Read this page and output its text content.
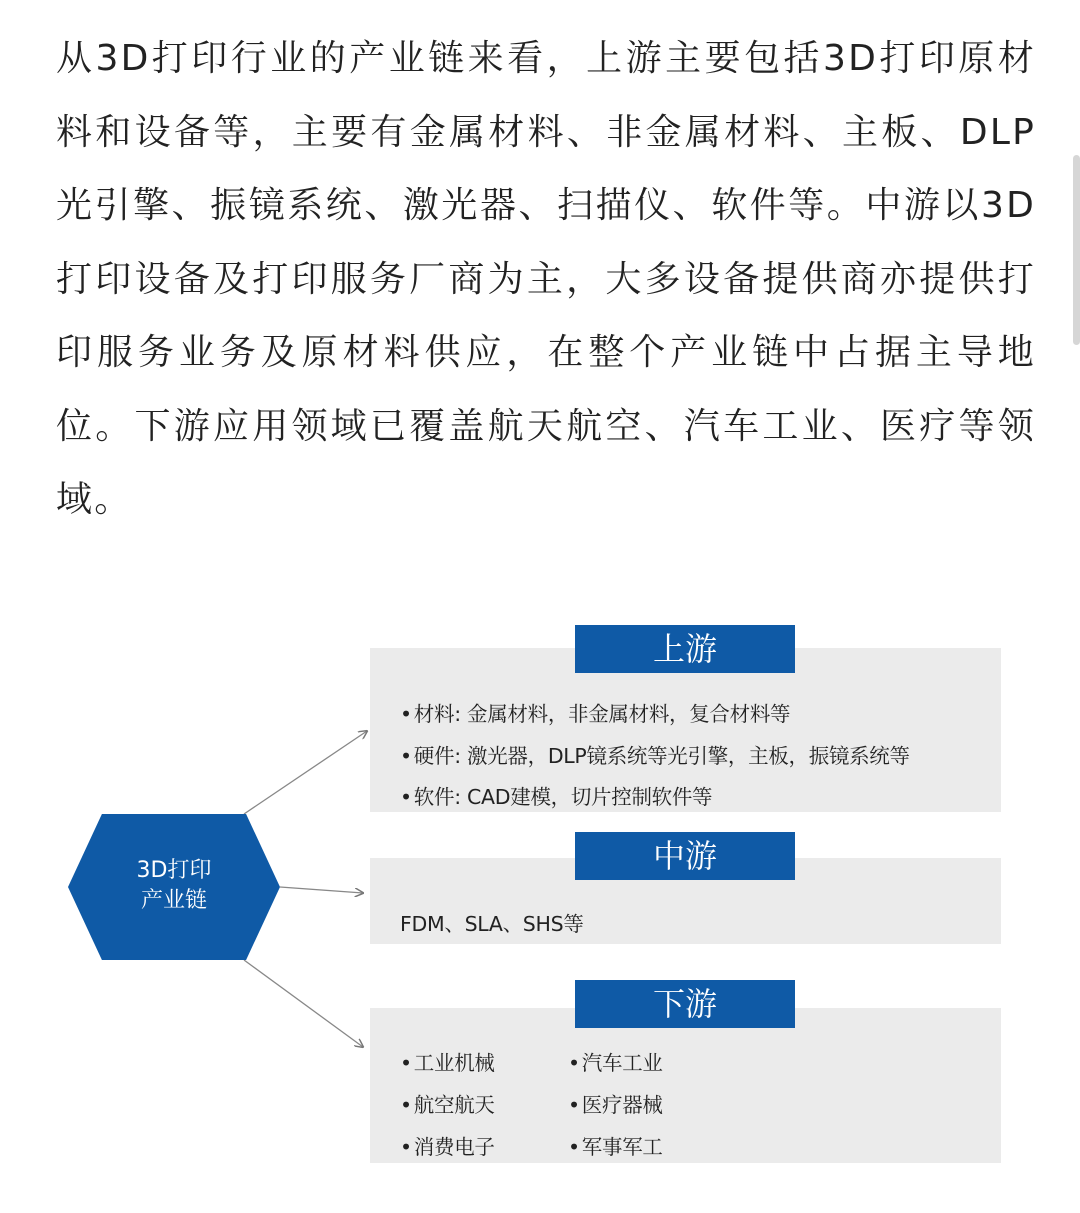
从3D打印行业的产业链来看，上游主要包括3D打印原材料和设备等，主要有金属材料、非金属材料、主板、DLP光引擎、振镜系统、激光器、扫描仪、软件等。中游以3D打印设备及打印服务厂商为主，大多设备提供商亦提供打印服务业务及原材料供应，在整个产业链中占据主导地位。下游应用领域已覆盖航天航空、汽车工业、医疗等领域。

3D打印
产业链
上游
•材料: 金属材料，非金属材料，复合材料等
•硬件: 激光器，DLP镜系统等光引擎，主板，振镜系统等
•软件: CAD建模，切片控制软件等
中游
FDM、SLA、SHS等
下游
•工业机械	•汽车工业
•航空航天	•医疗器械
•消费电子	•军事军工
